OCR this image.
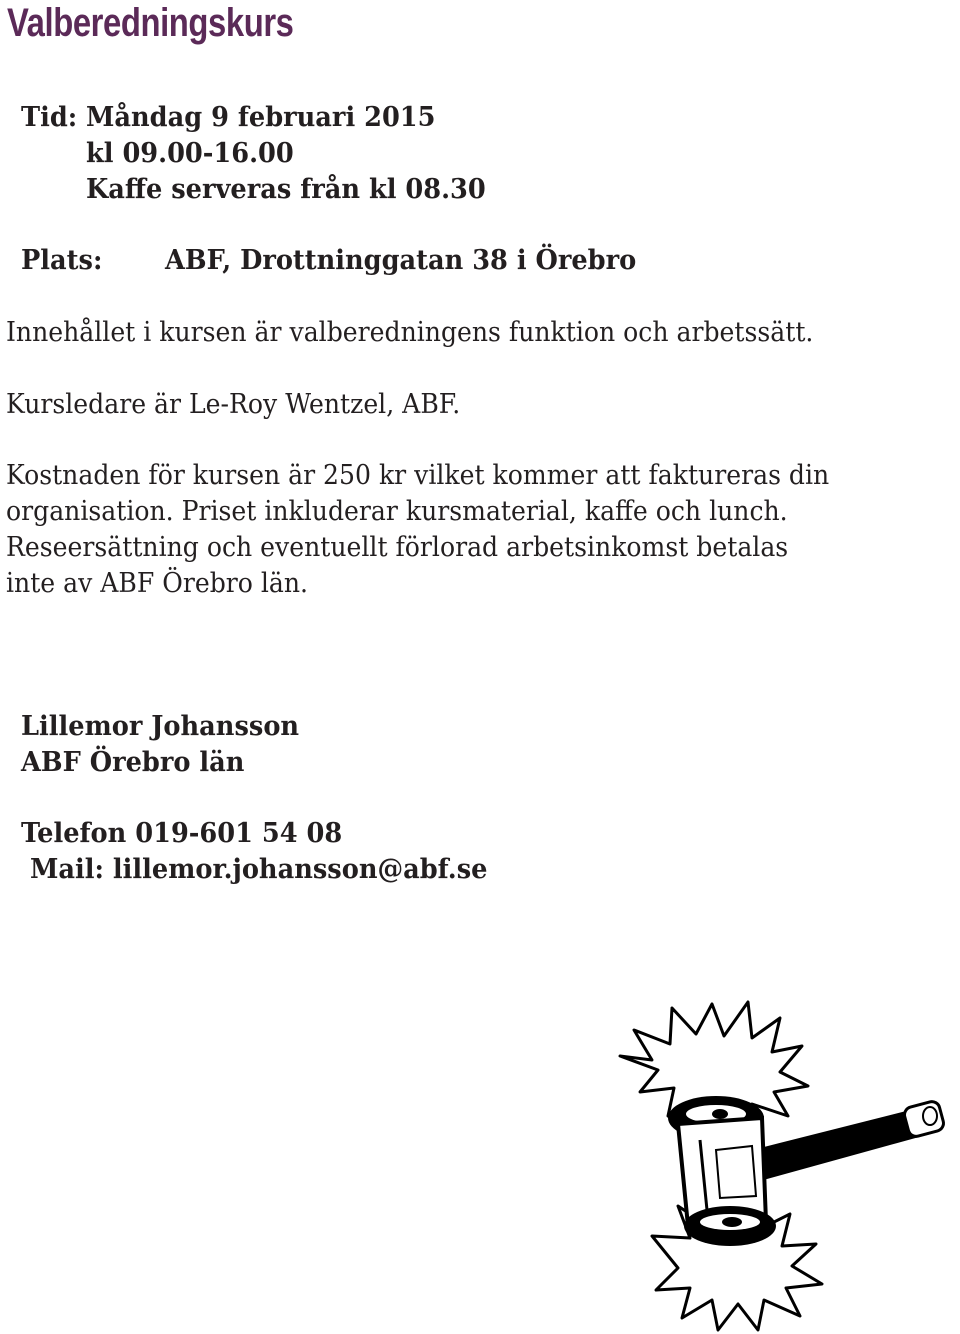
Valberedningskurs
Tid: Måndag 9 februari 2015
kl 09.00-16.00
Kaffe serveras från kl 08.30
Plats: ABF, Drottninggatan 38 i Örebro
Innehållet i kursen är valberedningens funktion och arbetssätt.
Kursledare är Le-Roy Wentzel, ABF.
Kostnaden för kursen är 250 kr vilket kommer att faktureras din
organisation. Priset inkluderar kursmaterial, kaffe och lunch.
Reseersättning och eventuellt förlorad arbetsinkomst betalas
inte av ABF Örebro län.
Lillemor Johansson
ABF Örebro län
Telefon 019-601 54 08
Mail: lillemor.johansson@abf.se
